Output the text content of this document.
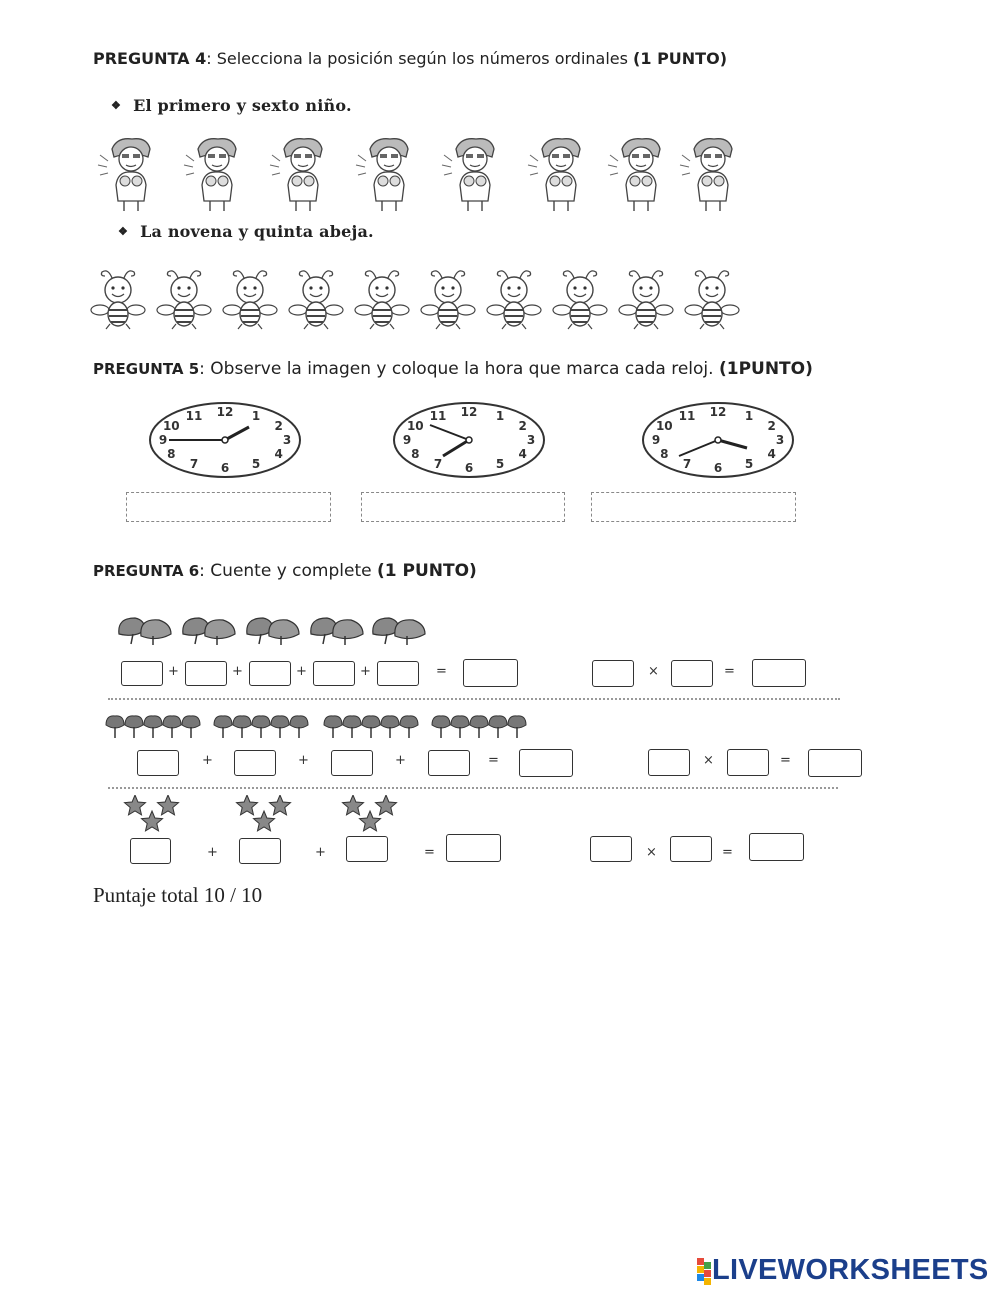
PREGUNTA 4: Selecciona la posición según los números ordinales (1 PUNTO)
❖ El primero y sexto niño.
❖ La novena y quinta abeja.
PREGUNTA 5: Observe la imagen y coloque la hora que marca cada reloj. (1PUNTO)
12 1
2
3
4
5
6
7
8
9
10
11	12 1
2
3
4
5
6
7
8
9
10
11	12 1
2
3
4
5
6
7
8
9
10
11
PREGUNTA 6: Cuente y complete (1 PUNTO)
+	+	+	+	=	×	=
+	+	+	=	×	=
+	+	=	×	=
Puntaje total 10 / 10
LIVEWORKSHEETS
